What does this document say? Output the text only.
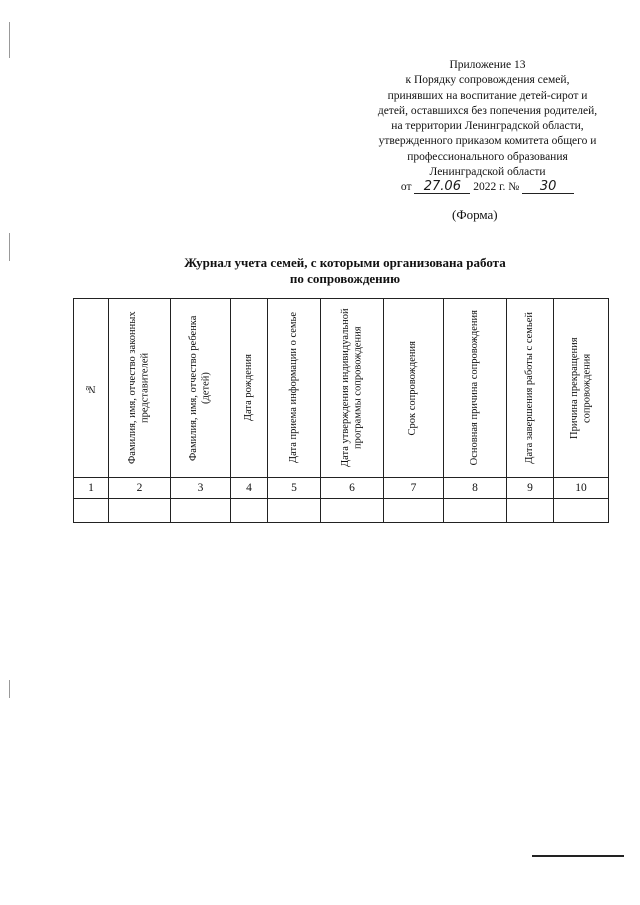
Приложение 13
к Порядку сопровождения семей,
принявших на воспитание детей-сирот и
детей, оставшихся без попечения родителей,
на территории Ленинградской области,
утвержденного приказом комитета общего и
профессионального образования
Ленинградской области
от 27.06 2022 г. № 30
(Форма)
Журнал учета семей, с которыми организована работа
по сопровождению
№	Фамилия, имя, отчество законных представителей	Фамилия, имя, отчество ребенка (детей)	Дата рождения	Дата приема информации о семье	Дата утверждения индивидуальной программы сопровождения	Срок сопровождения	Основная причина сопровождения	Дата завершения работы с семьей	Причина прекращения сопровождения

1	2	3	4	5	6	7	8	9	10
